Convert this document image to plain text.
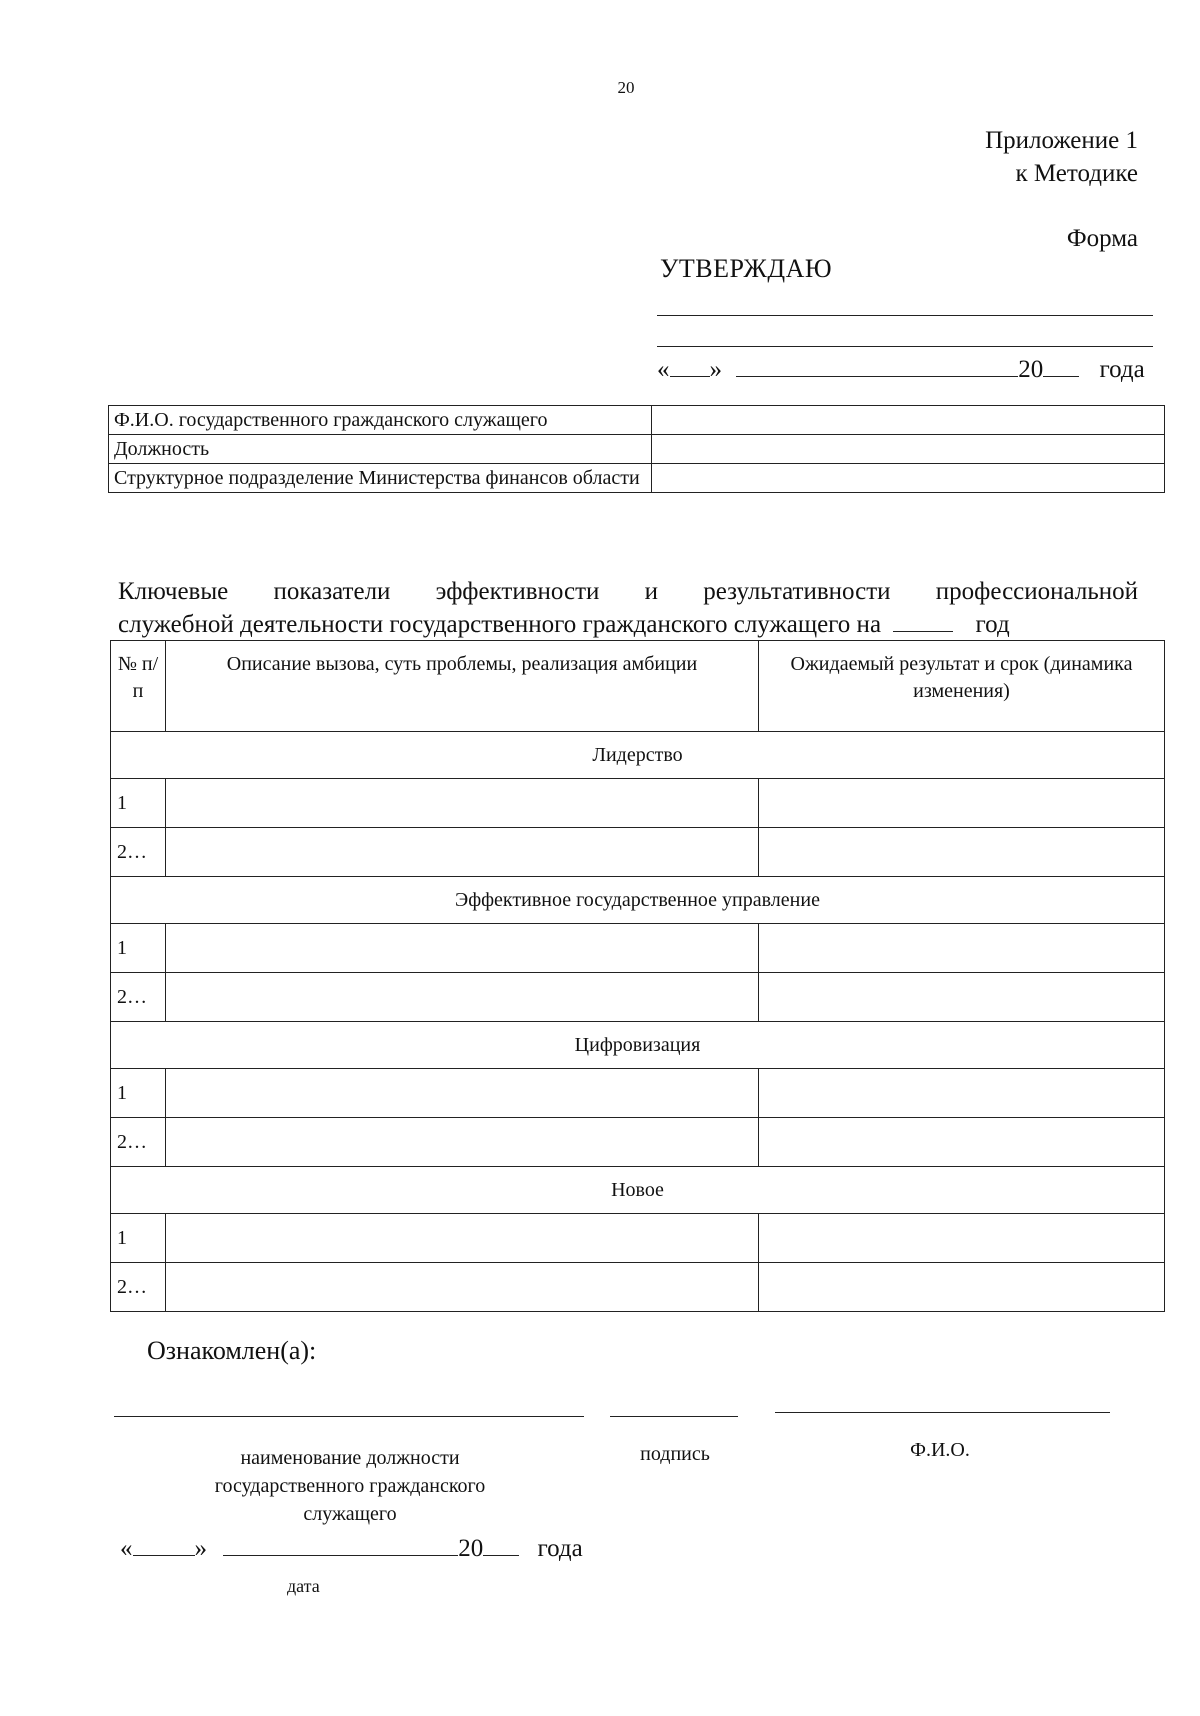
20
Приложение 1
к Методике
Форма
УТВЕРЖДАЮ
« »	20 года
Ф.И.О. государственного гражданского служащего	
Должность	
Структурное подразделение Министерства финансов области	
Ключевые показатели эффективности и результативности профессиональной
служебной деятельности государственного гражданского служащего на	год
№ п/п	Описание вызова, суть проблемы, реализация амбиции	Ожидаемый результат и срок (динамика изменения)
Лидерство		
1		
2…		
Эффективное государственное управление		
1		
2…		
Цифровизация		
1		
2…		
Новое		
1		
2…		
Ознакомлен(а):
наименование должности государственного гражданского служащего
подпись	Ф.И.О.
« »	20 года
дата
